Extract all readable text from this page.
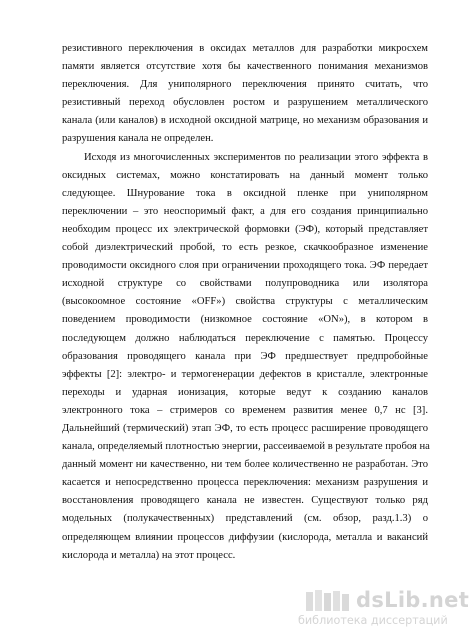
резистивного переключения в оксидах металлов для разработки микросхем
памяти является отсутствие хотя бы качественного понимания механизмов
переключения. Для униполярного переключения принято считать, что
резистивный переход обусловлен ростом и разрушением металлического
канала (или каналов) в исходной оксидной матрице, но механизм образования и
разрушения канала не определен.
Исходя из многочисленных экспериментов по реализации этого эффекта в
оксидных системах, можно констатировать на данный момент только
следующее. Шнурование тока в оксидной пленке при униполярном
переключении – это неоспоримый факт, а для его создания принципиально
необходим процесс их электрической формовки (ЭФ), который представляет
собой диэлектрический пробой, то есть резкое, скачкообразное изменение
проводимости оксидного слоя при ограничении проходящего тока. ЭФ передает
исходной структуре со свойствами полупроводника или изолятора
(высокоомное состояние «OFF») свойства структуры с металлическим
поведением проводимости (низкомное состояние «ON»), в котором в
последующем должно наблюдаться переключение с памятью. Процессу
образования проводящего канала при ЭФ предшествует предпробойные
эффекты [2]: электро- и термогенерации дефектов в кристалле, электронные
переходы и ударная ионизация, которые ведут к созданию каналов
электронного тока – стримеров со временем развития менее 0,7 нс [3].
Дальнейший (термический) этап ЭФ, то есть процесс расширение проводящего
канала, определяемый плотностью энергии, рассеиваемой в результате пробоя на
данный момент ни качественно, ни тем более количественно не разработан. Это
касается и непосредственно процесса переключения: механизм разрушения и
восстановления проводящего канала не известен. Существуют только ряд
модельных (полукачественных) представлений (см. обзор, разд.1.3) о
определяющем влиянии процессов диффузии (кислорода, металла и вакансий
кислорода и металла) на этот процесс.
dsLib.net
библиотека диссертаций
